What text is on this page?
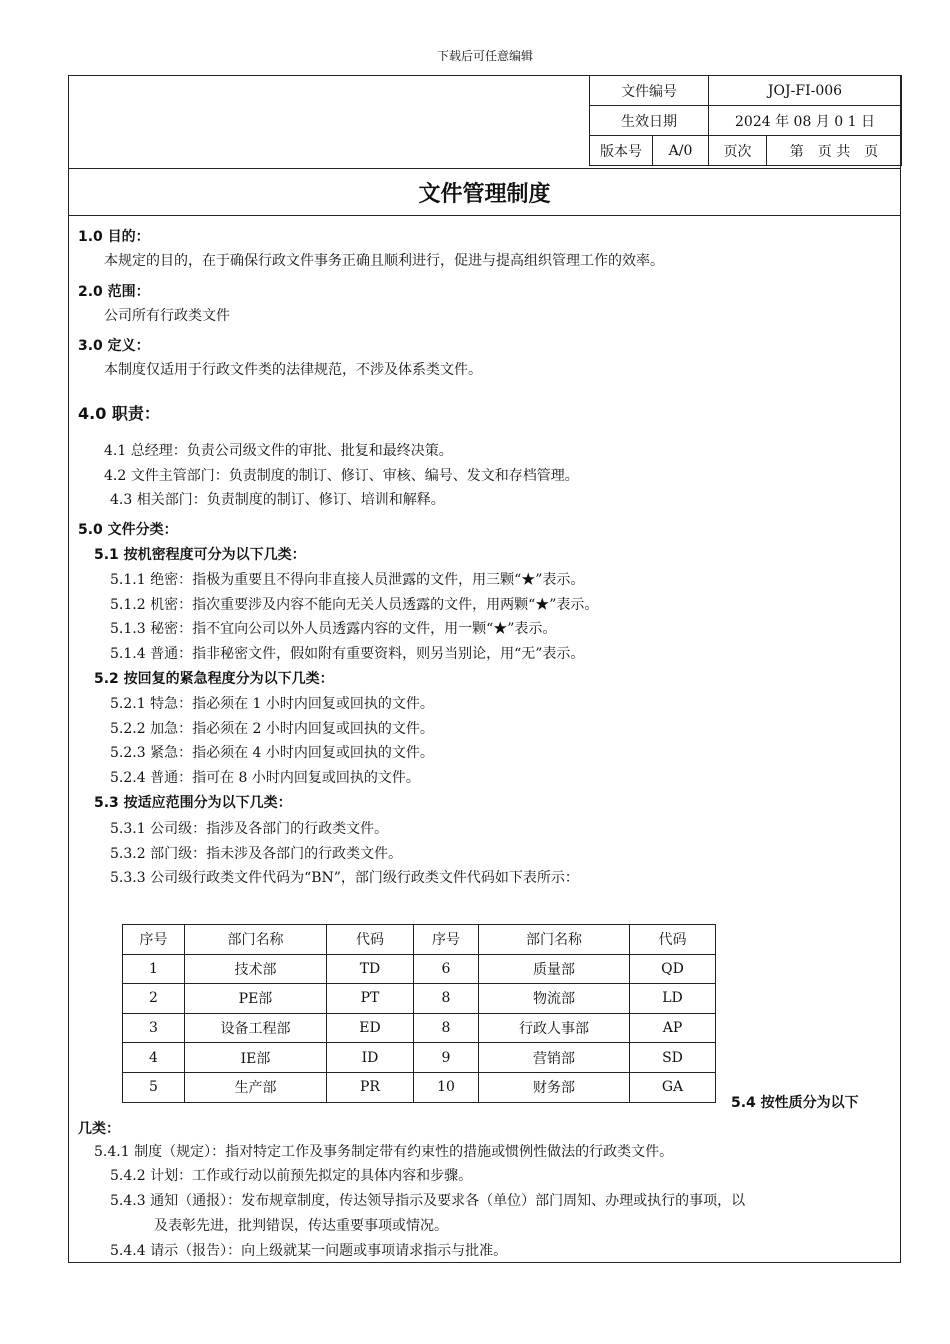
下载后可任意编辑
文件编号		JOJ-FI-006	
生效日期		2024 年 08 月 0 1 日	
版本号	A/0	页次	第　页 共　页
文件管理制度
1.0 目的：
本规定的目的，在于确保行政文件事务正确且顺利进行，促进与提高组织管理工作的效率。
2.0 范围：
公司所有行政类文件
3.0 定义：
本制度仅适用于行政文件类的法律规范，不涉及体系类文件。
4.0 职责：
4.1 总经理：负责公司级文件的审批、批复和最终决策。
4.2 文件主管部门：负责制度的制订、修订、审核、编号、发文和存档管理。
4.3 相关部门：负责制度的制订、修订、培训和解释。
5.0 文件分类：
5.1 按机密程度可分为以下几类：
5.1.1 绝密：指极为重要且不得向非直接人员泄露的文件，用三颗“★”表示。
5.1.2 机密：指次重要涉及内容不能向无关人员透露的文件，用两颗“★”表示。
5.1.3 秘密：指不宜向公司以外人员透露内容的文件，用一颗“★”表示。
5.1.4 普通：指非秘密文件，假如附有重要资料，则另当别论，用“无”表示。
5.2 按回复的紧急程度分为以下几类：
5.2.1 特急：指必须在 1 小时内回复或回执的文件。
5.2.2 加急：指必须在 2 小时内回复或回执的文件。
5.2.3 紧急：指必须在 4 小时内回复或回执的文件。
5.2.4 普通：指可在 8 小时内回复或回执的文件。
5.3 按适应范围分为以下几类：
5.3.1 公司级：指涉及各部门的行政类文件。
5.3.2 部门级：指未涉及各部门的行政类文件。
5.3.3 公司级行政类文件代码为“BN”，部门级行政类文件代码如下表所示：
序号	部门名称	代码	序号	部门名称	代码
1	技术部	TD	6	质量部	QD
2	PE部	PT	8	物流部	LD
3	设备工程部	ED	8	行政人事部	AP
4	IE部	ID	9	营销部	SD
5	生产部	PR	10	财务部	GA
5.4 按性质分为以下
几类：
5.4.1 制度（规定）：指对特定工作及事务制定带有约束性的措施或惯例性做法的行政类文件。
5.4.2 计划：工作或行动以前预先拟定的具体内容和步骤。
5.4.3 通知（通报）：发布规章制度，传达领导指示及要求各（单位）部门周知、办理或执行的事项，以
及表彰先进，批判错误，传达重要事项或情况。
5.4.4 请示（报告）：向上级就某一问题或事项请求指示与批准。
